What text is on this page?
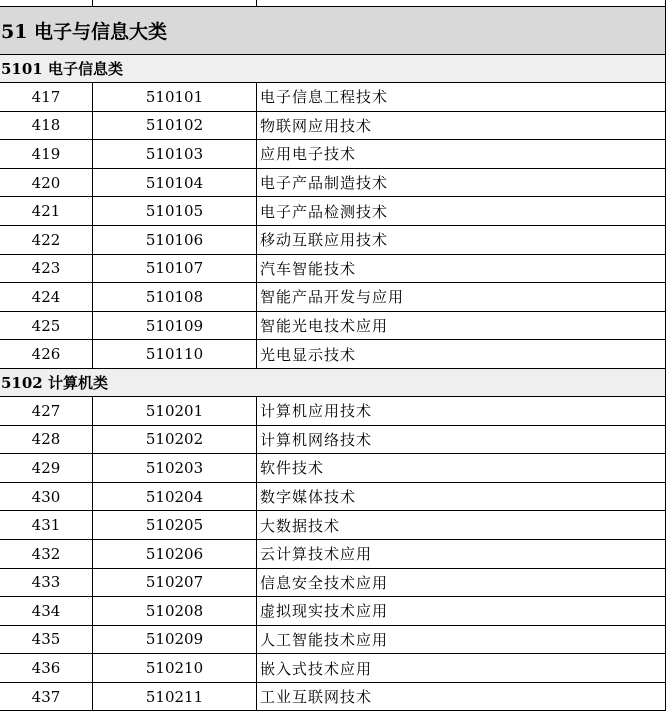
51 电子与信息大类
5101 电子信息类
417	510101	电子信息工程技术
418	510102	物联网应用技术
419	510103	应用电子技术
420	510104	电子产品制造技术
421	510105	电子产品检测技术
422	510106	移动互联应用技术
423	510107	汽车智能技术
424	510108	智能产品开发与应用
425	510109	智能光电技术应用
426	510110	光电显示技术
5102 计算机类
427	510201	计算机应用技术
428	510202	计算机网络技术
429	510203	软件技术
430	510204	数字媒体技术
431	510205	大数据技术
432	510206	云计算技术应用
433	510207	信息安全技术应用
434	510208	虚拟现实技术应用
435	510209	人工智能技术应用
436	510210	嵌入式技术应用
437	510211	工业互联网技术
